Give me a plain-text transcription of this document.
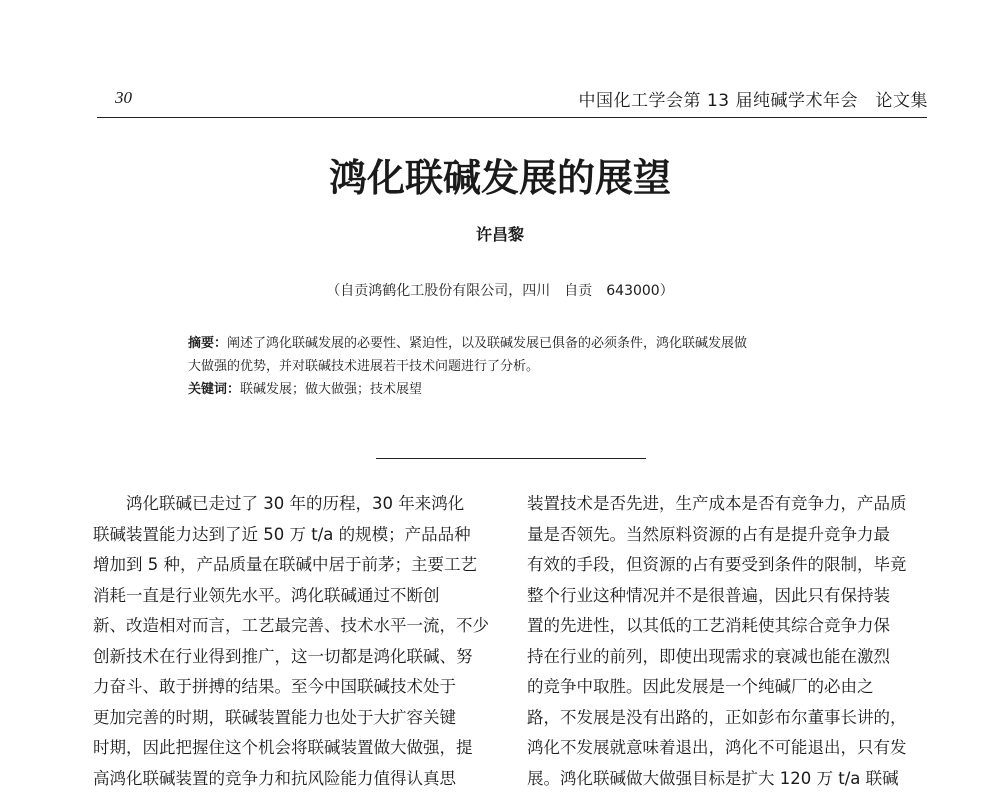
30	中国化工学会第 13 届纯碱学术年会　论文集
鸿化联碱发展的展望
许昌黎
（自贡鸿鹤化工股份有限公司，四川　自贡　643000）

摘要：阐述了鸿化联碱发展的必要性、紧迫性，以及联碱发展已俱备的必须条件，鸿化联碱发展做

大做强的优势，并对联碱技术进展若干技术问题进行了分析。

关键词：联碱发展；做大做强；技术展望

　　鸿化联碱已走过了 30 年的历程，30 年来鸿化
联碱装置能力达到了近 50 万 t/a 的规模；产品品种
增加到 5 种，产品质量在联碱中居于前茅；主要工艺
消耗一直是行业领先水平。鸿化联碱通过不断创
新、改造相对而言，工艺最完善、技术水平一流，不少
创新技术在行业得到推广，这一切都是鸿化联碱、努
力奋斗、敢于拼搏的结果。至今中国联碱技术处于
更加完善的时期，联碱装置能力也处于大扩容关键
时期，因此把握住这个机会将联碱装置做大做强，提
高鸿化联碱装置的竞争力和抗风险能力值得认真思
装置技术是否先进，生产成本是否有竞争力，产品质
量是否领先。当然原料资源的占有是提升竞争力最
有效的手段，但资源的占有要受到条件的限制，毕竟
整个行业这种情况并不是很普遍，因此只有保持装
置的先进性，以其低的工艺消耗使其综合竞争力保
持在行业的前列，即使出现需求的衰减也能在激烈
的竞争中取胜。因此发展是一个纯碱厂的必由之
路，不发展是没有出路的，正如彭布尔董事长讲的，
鸿化不发展就意味着退出，鸿化不可能退出，只有发
展。鸿化联碱做大做强目标是扩大 120 万 t/a 联碱
